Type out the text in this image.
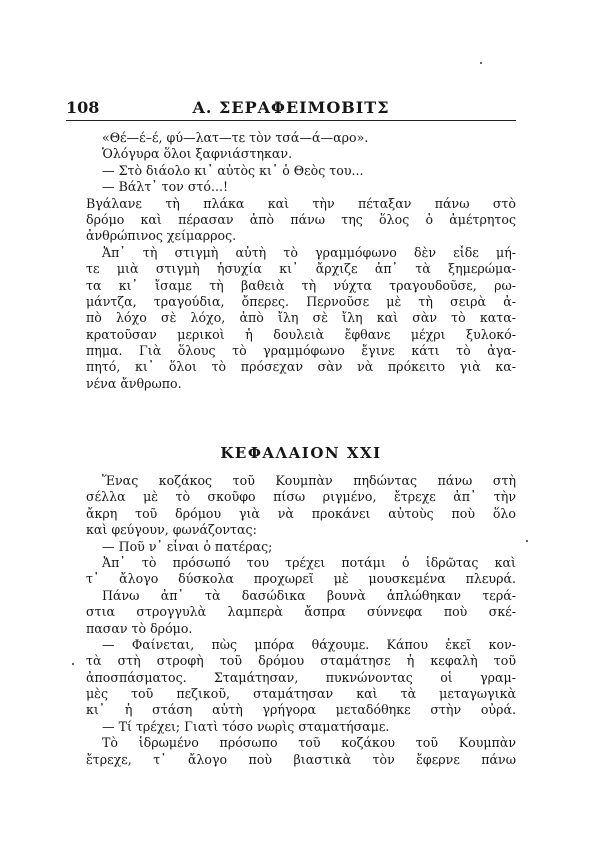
108	Α. ΣΕΡΑΦΕΙΜΟΒΙΤΣ
«Θέ—έ–έ, φύ—λατ—τε τὸν τσά—ά—αρο».
Ὁλόγυρα ὅλοι ξαφνιάστηκαν.
— Στὸ διάολο κι᾿ αὐτὸς κι᾿ ὁ Θεὸς του...
— Βάλτ᾿ τον στό...!
Βγάλανε τὴ πλάκα καὶ τὴν πέταξαν πάνω στὸ
δρόμο καὶ πέρασαν ἀπὸ πάνω της ὅλος ὁ ἀμέτρητος
ἀνθρώπινος χείμαρρος.
Ἀπ᾿ τὴ στιγμὴ αὐτὴ τὸ γραμμόφωνο δὲν εἶδε μή-
τε μιὰ στιγμὴ ἡσυχία κι᾿ ἄρχιζε ἀπ᾿ τὰ ξημερώμα-
τα κι᾿ ἴσαμε τὴ βαθειὰ τὴ νύχτα τραγουδοῦσε, ρω-
μάντζα, τραγούδια, ὄπερες. Περνοῦσε μὲ τὴ σειρὰ ἀ-
πὸ λόχο σὲ λόχο, ἀπὸ ἴλη σὲ ἴλη καὶ σὰν τὸ κατα-
κρατοῦσαν μερικοὶ ἡ δουλειὰ ἔφθανε μέχρι ξυλοκό-
πημα. Γιὰ ὅλους τὸ γραμμόφωνο ἔγινε κάτι τὸ ἀγα-
πητό, κι᾿ ὅλοι τὸ πρόσεχαν σὰν νὰ πρόκειτο γιὰ κα-
νένα ἄνθρωπο.
ΚΕΦΑΛΑΙΟΝ XXI
Ἕνας κοζάκος τοῦ Κουμπὰν πηδώντας πάνω στὴ
σέλλα μὲ τὸ σκοῦφο πίσω ριγμένο, ἔτρεχε ἀπ᾿ τὴν
ἄκρη τοῦ δρόμου γιὰ νὰ προκάνει αὐτοὺς ποὺ ὅλο
καὶ φεύγουν, φωνάζοντας:
— Ποῦ ν᾿ εἶναι ὁ πατέρας;
Ἀπ᾿ τὸ πρόσωπό του τρέχει ποτάμι ὁ ἱδρῶτας καὶ
τ᾿ ἄλογο δύσκολα προχωρεῖ μὲ μουσκεμένα πλευρά.
Πάνω ἀπ᾿ τὰ δασώδικα βουνὰ ἁπλώθηκαν τερά-
στια στρογγυλὰ λαμπερὰ ἄσπρα σύννεφα ποὺ σκέ-
πασαν τὸ δρόμο.
— Φαίνεται, πὼς μπόρα θάχουμε. Κάπου ἐκεῖ κον-
τὰ στὴ στροφὴ τοῦ δρόμου σταμάτησε ἡ κεφαλὴ τοῦ
ἀποσπάσματος. Σταμάτησαν, πυκνώνοντας οἱ γραμ-
μὲς τοῦ πεζικοῦ, σταμάτησαν καὶ τὰ μεταγωγικὰ
κι᾿ ἡ στάση αὐτὴ γρήγορα μεταδόθηκε στὴν οὐρά.
— Τί τρέχει; Γιατὶ τόσο νωρὶς σταματήσαμε.
Τὸ ἱδρωμένο πρόσωπο τοῦ κοζάκου τοῦ Κουμπὰν
ἔτρεχε, τ᾿ ἄλογο ποὺ βιαστικὰ τὸν ἔφερνε πάνω
